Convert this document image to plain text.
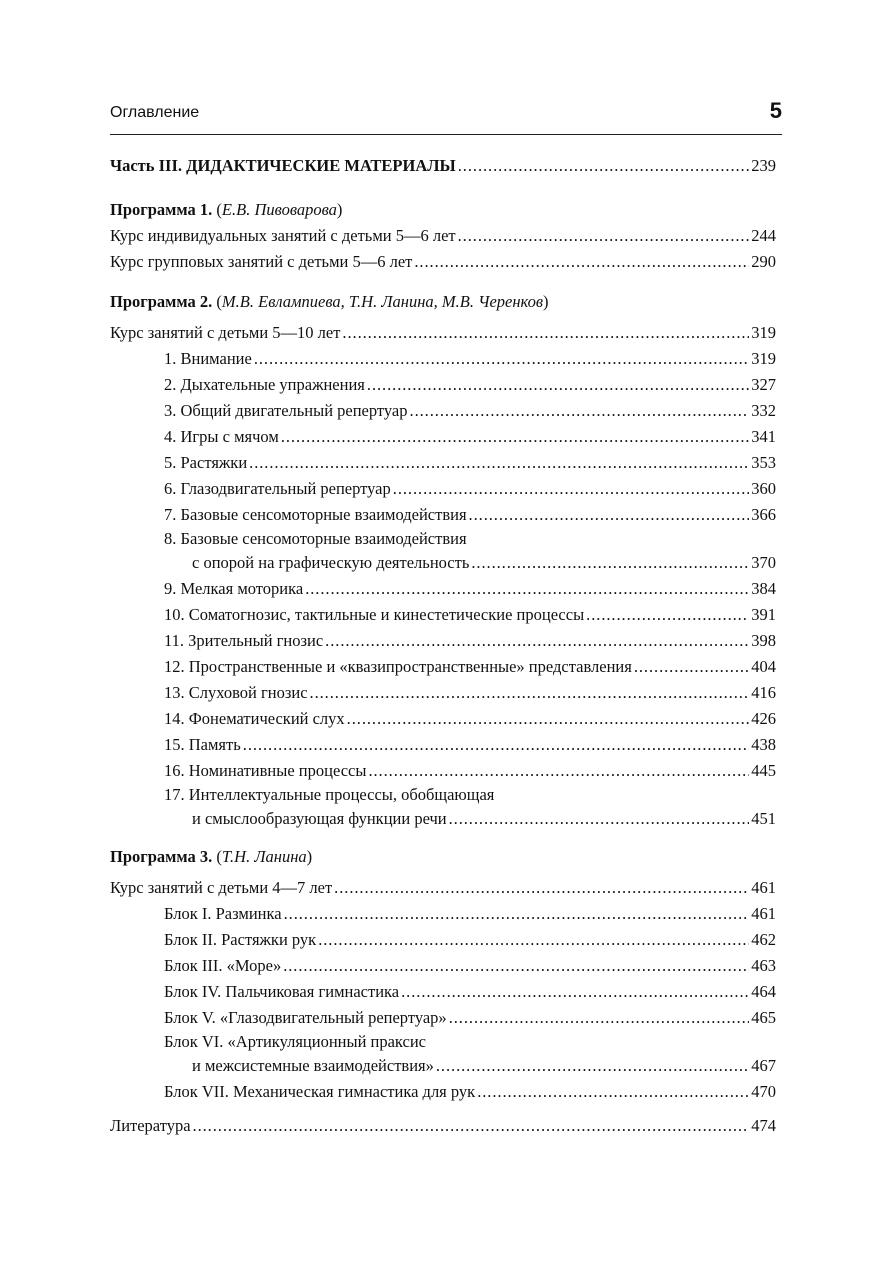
Оглавление	5
Часть III. ДИДАКТИЧЕСКИЕ МАТЕРИАЛЫ . . .	239
Программа 1. (Е.В. Пивоварова)
Курс индивидуальных занятий с детьми 5—6 лет . . .	244
Курс групповых занятий с детьми 5—6 лет . . .	290
Программа 2. (М.В. Евлампиева, Т.Н. Ланина, М.В. Черенков)
Курс занятий с детьми 5—10 лет . . .	319
1. Внимание . . .	319
2. Дыхательные упражнения . . .	327
3. Общий двигательный репертуар . . .	332
4. Игры с мячом . . .	341
5. Растяжки . . .	353
6. Глазодвигательный репертуар . . .	360
7. Базовые сенсомоторные взаимодействия . . .	366
8. Базовые сенсомоторные взаимодействия
с опорой на графическую деятельность . . .	370
9. Мелкая моторика . . .	384
10. Соматогнозис, тактильные и кинестетические процессы . . .	391
11. Зрительный гнозис . . .	398
12. Пространственные и «квазипространственные» представления . . .	404
13. Слуховой гнозис . . .	416
14. Фонематический слух . . .	426
15. Память . . .	438
16. Номинативные процессы . . .	445
17. Интеллектуальные процессы, обобщающая
и смыслообразующая функции речи . . .	451
Программа 3. (Т.Н. Ланина)
Курс занятий с детьми 4—7 лет . . .	461
Блок I. Разминка . . .	461
Блок II. Растяжки рук . . .	462
Блок III. «Море» . . .	463
Блок IV. Пальчиковая гимнастика . . .	464
Блок V. «Глазодвигательный репертуар» . . .	465
Блок VI. «Артикуляционный праксис
и межсистемные взаимодействия» . . .	467
Блок VII. Механическая гимнастика для рук . . .	470
Литература . . .	474
